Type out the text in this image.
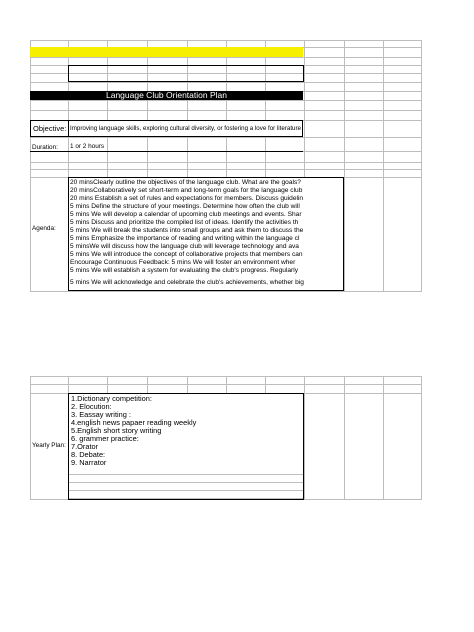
Language Club Orientation Plan
Objective: Improving language skills, exploring cultural diversity, or fostering a love for literature
Duration: 1 or 2 hours
Agenda:
20 minsClearly outline the objectives of the language club. What are the goals?
20 minsCollaboratively set short-term and long-term goals for the language club
20 mins Establish a set of rules and expectations for members. Discuss guidelin
5 mins Define the structure of your meetings. Determine how often the club will
5 mins We will develop a calendar of upcoming club meetings and events. Shar
5 mins Discuss and prioritize the compiled list of ideas. Identify the activities th
5 mins We will break the students into small groups and ask them to discuss the
5 mins Emphasize the importance of reading and writing within the language cl
5 minsWe will discuss how the language club will leverage technology and ava
5 mins We will introduce the concept of collaborative projects that members can
Encourage Continuous Feedback: 5 mins We will foster an environment wher
5 mins We will establish a system for evaluating the club's progress. Regularly
5 mins We will acknowledge and celebrate the club's achievements, whether big
Yearly Plan:
1.Dictionary competition:
2. Elocution:
3. Eassay writing :
4.english news papaer reading weekly
5.English short story writing
6. grammer practice:
7.Orator
8. Debate:
9. Narrator
